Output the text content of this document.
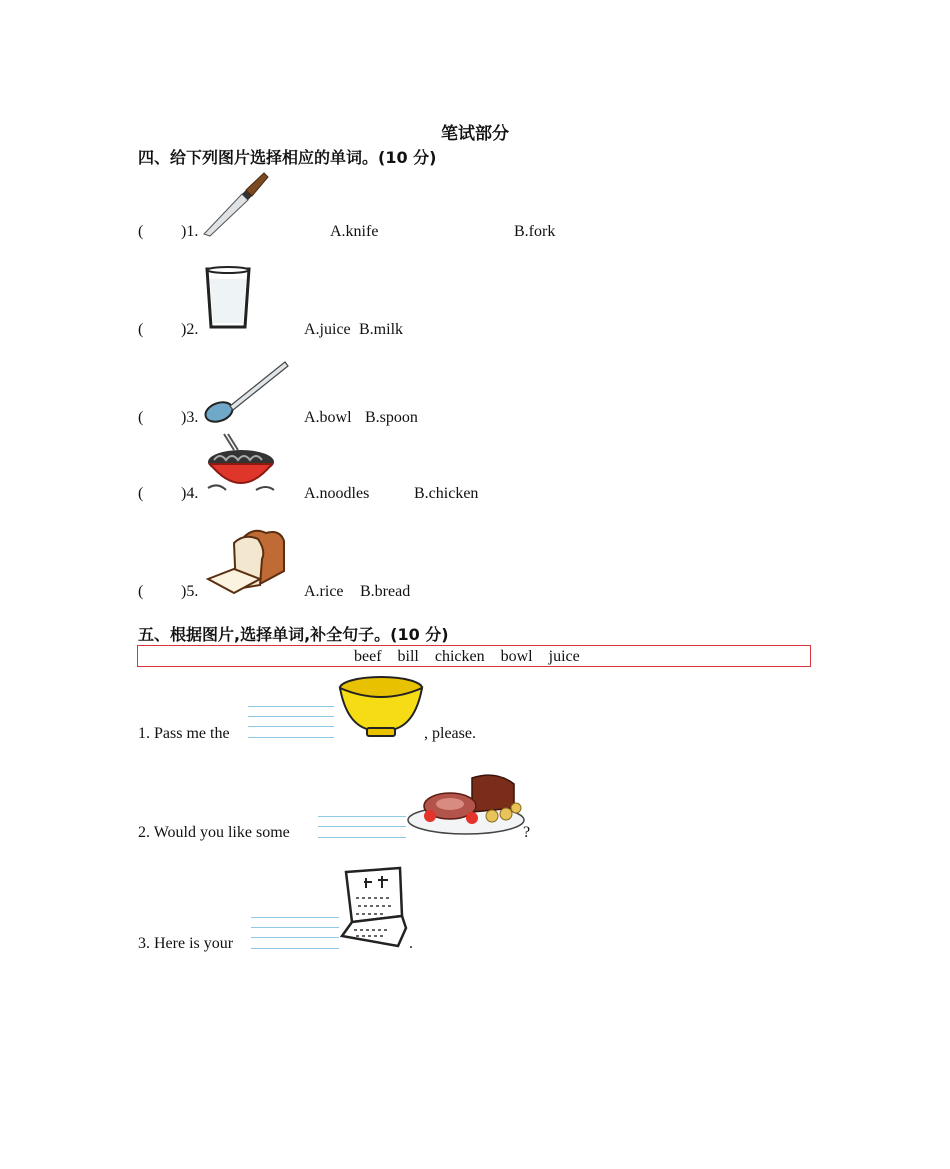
笔试部分
四、给下列图片选择相应的单词。(10 分)
( )1.	A.knife	B.fork
( )2.	A.juice B.milk
( )3.	A.bowl B.spoon
( )4.	A.noodles	B.chicken
( )5.	A.rice B.bread
五、根据图片,选择单词,补全句子。(10 分)
beef    bill    chicken    bowl    juice
1. Pass me the	, please.
2. Would you like some	?
3. Here is your	.
